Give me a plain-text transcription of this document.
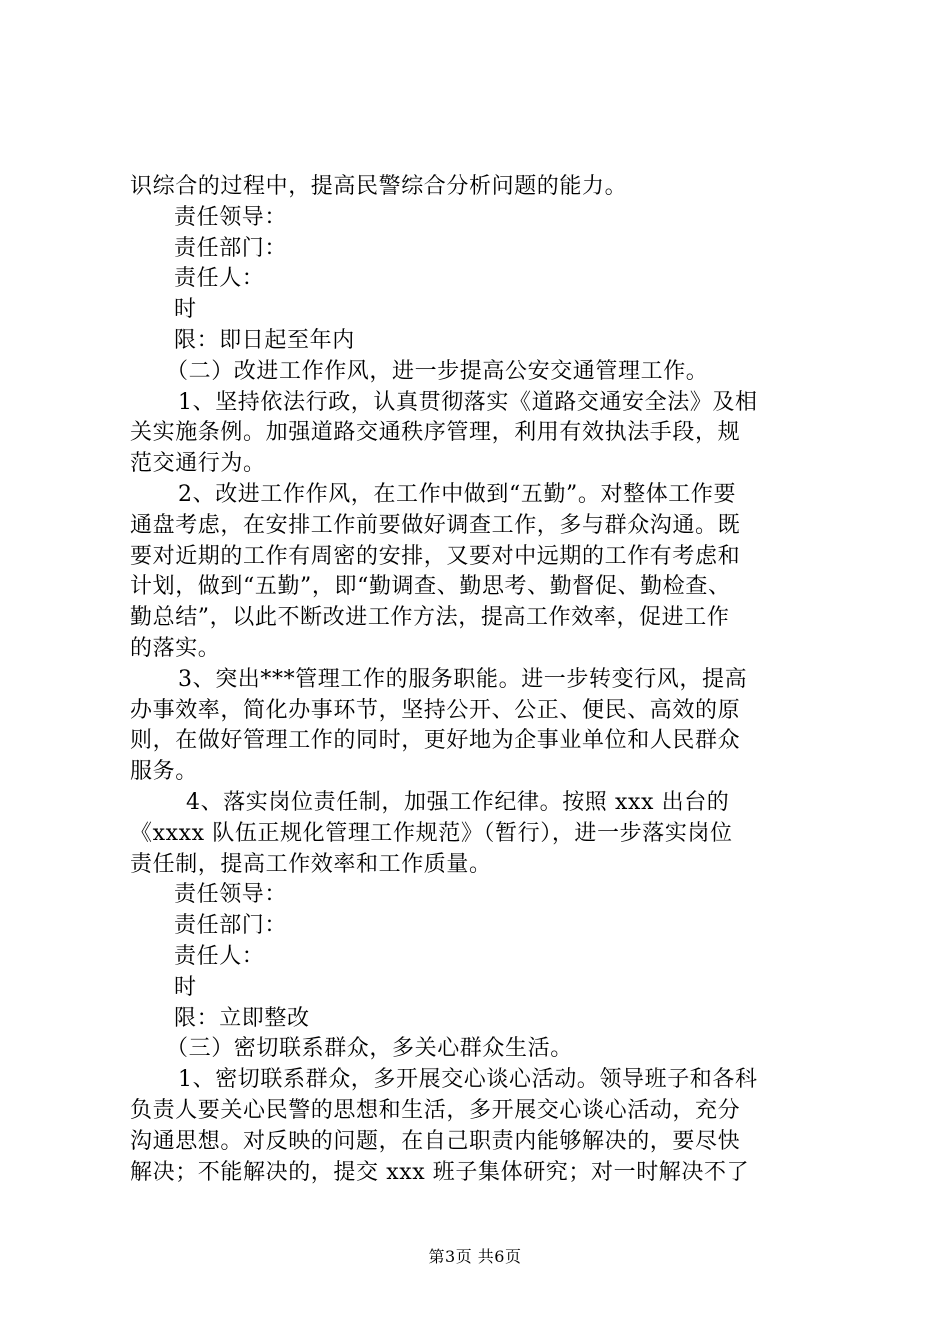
识综合的过程中，提高民警综合分析问题的能力。
责任领导：
责任部门：
责任人：
时
限：即日起至年内
（二）改进工作作风，进一步提高公安交通管理工作。
1、坚持依法行政，认真贯彻落实《道路交通安全法》及相
关实施条例。加强道路交通秩序管理，利用有效执法手段，规
范交通行为。
2、改进工作作风，在工作中做到“五勤”。对整体工作要
通盘考虑，在安排工作前要做好调查工作，多与群众沟通。既
要对近期的工作有周密的安排，又要对中远期的工作有考虑和
计划，做到“五勤”，即“勤调查、勤思考、勤督促、勤检查、
勤总结”，以此不断改进工作方法，提高工作效率，促进工作
的落实。
3、突出***管理工作的服务职能。进一步转变行风，提高
办事效率，简化办事环节，坚持公开、公正、便民、高效的原
则，在做好管理工作的同时，更好地为企事业单位和人民群众
服务。
4、落实岗位责任制，加强工作纪律。按照 xxx 出台的
《xxxx 队伍正规化管理工作规范》（暂行），进一步落实岗位
责任制，提高工作效率和工作质量。
责任领导：
责任部门：
责任人：
时
限：立即整改
（三）密切联系群众，多关心群众生活。
1、密切联系群众，多开展交心谈心活动。领导班子和各科
负责人要关心民警的思想和生活，多开展交心谈心活动，充分
沟通思想。对反映的问题，在自己职责内能够解决的，要尽快
解决；不能解决的，提交 xxx 班子集体研究；对一时解决不了
第3页 共6页
